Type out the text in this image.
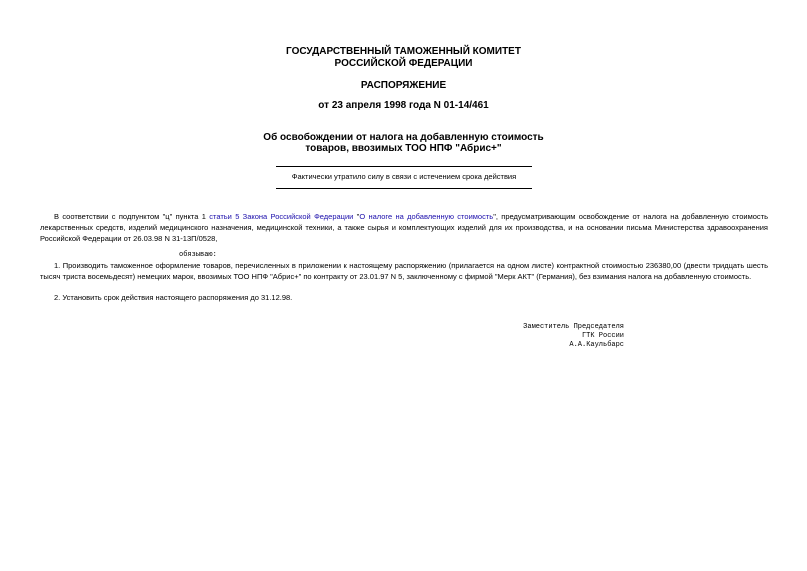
ГОСУДАРСТВЕННЫЙ ТАМОЖЕННЫЙ КОМИТЕТ

РОССИЙСКОЙ ФЕДЕРАЦИИ

РАСПОРЯЖЕНИЕ

от 23 апреля 1998 года N 01-14/461

Об освобождении от налога на добавленную стоимость

товаров, ввозимых ТОО НПФ "Абрис+"

Фактически утратило силу в связи с истечением срока действия

В соответствии с подпунктом "ц" пункта 1 статьи 5 Закона Российской Федерации "О налоге на добавленную стоимость", предусматривающим освобождение от налога на добавленную стоимость лекарственных средств, изделий медицинского назначения, медицинской техники, а также сырья и комплектующих изделий для их производства, и на основании письма Министерства здравоохранения Российской Федерации от 26.03.98 N 31-13П/0528,

обязываю:

1. Производить таможенное оформление товаров, перечисленных в приложении к настоящему распоряжению (прилагается на одном листе) контрактной стоимостью 236380,00 (двести тридцать шесть тысяч триста восемьдесят) немецких марок, ввозимых ТОО НПФ "Абрис+" по контракту от 23.01.97 N 5, заключенному с фирмой "Мерк АКТ" (Германия), без взимания налога на добавленную стоимость.

2. Установить срок действия настоящего распоряжения до 31.12.98.

Заместитель Председателя
ГТК России
А.А.Каульбарс
